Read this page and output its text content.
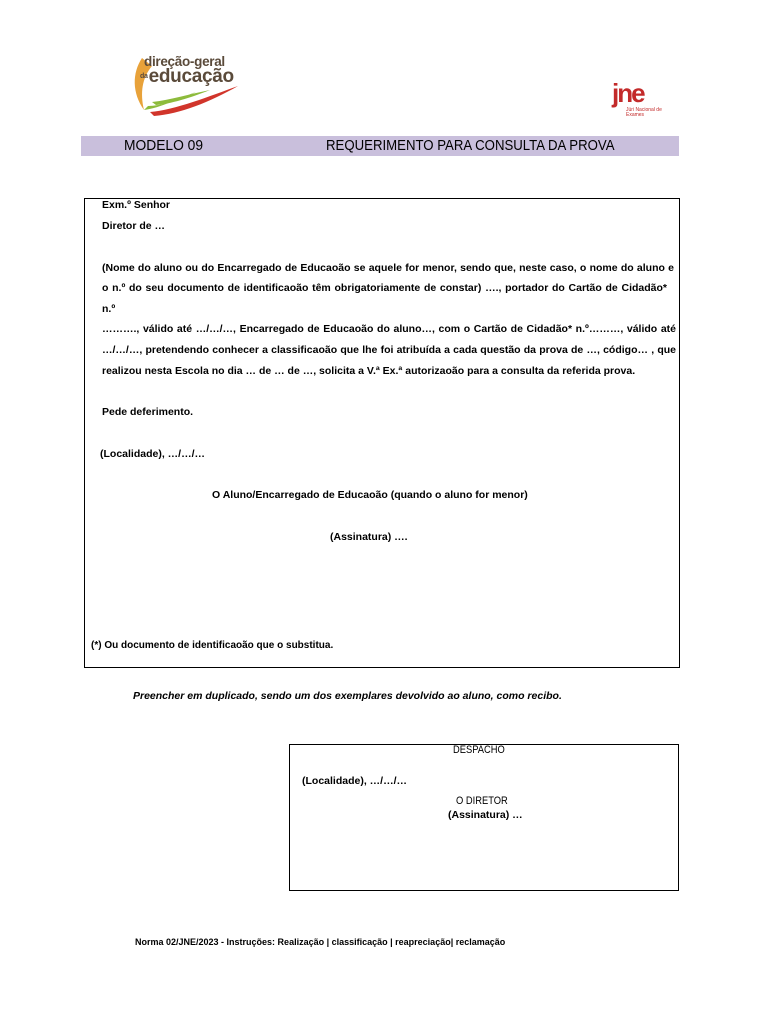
direção-geral
daeducação
jne
Júri Nacional de Exames
MODELO 09	REQUERIMENTO PARA CONSULTA DA PROVA
Exm.º Senhor
Diretor de …
(Nome do aluno ou do Encarregado de Educaoão se aquele for menor, sendo que, neste caso, o nome do aluno e
o n.º do seu documento de identificaoão têm obrigatoriamente de constar) …., portador do Cartão de Cidadão*
n.º
………., válido até …/…/…, Encarregado de Educaoão do aluno…, com o Cartão de Cidadão* n.º………, válido até
…/…/…, pretendendo conhecer a classificaoão que lhe foi atribuída a cada questão da prova de …, código… , que
realizou nesta Escola no dia … de … de …, solicita a V.ª Ex.ª autorizaoão para a consulta da referida prova.
Pede deferimento.
(Localidade), …/…/…
O Aluno/Encarregado de Educaoão (quando o aluno for menor)
(Assinatura) ….
(*) Ou documento de identificaoão que o substitua.
Preencher em duplicado, sendo um dos exemplares devolvido ao aluno, como recibo.
DESPACHO
(Localidade), …/…/…
O DIRETOR
(Assinatura) …
Norma 02/JNE/2023 - Instruções: Realização | classificação | reapreciação| reclamação
